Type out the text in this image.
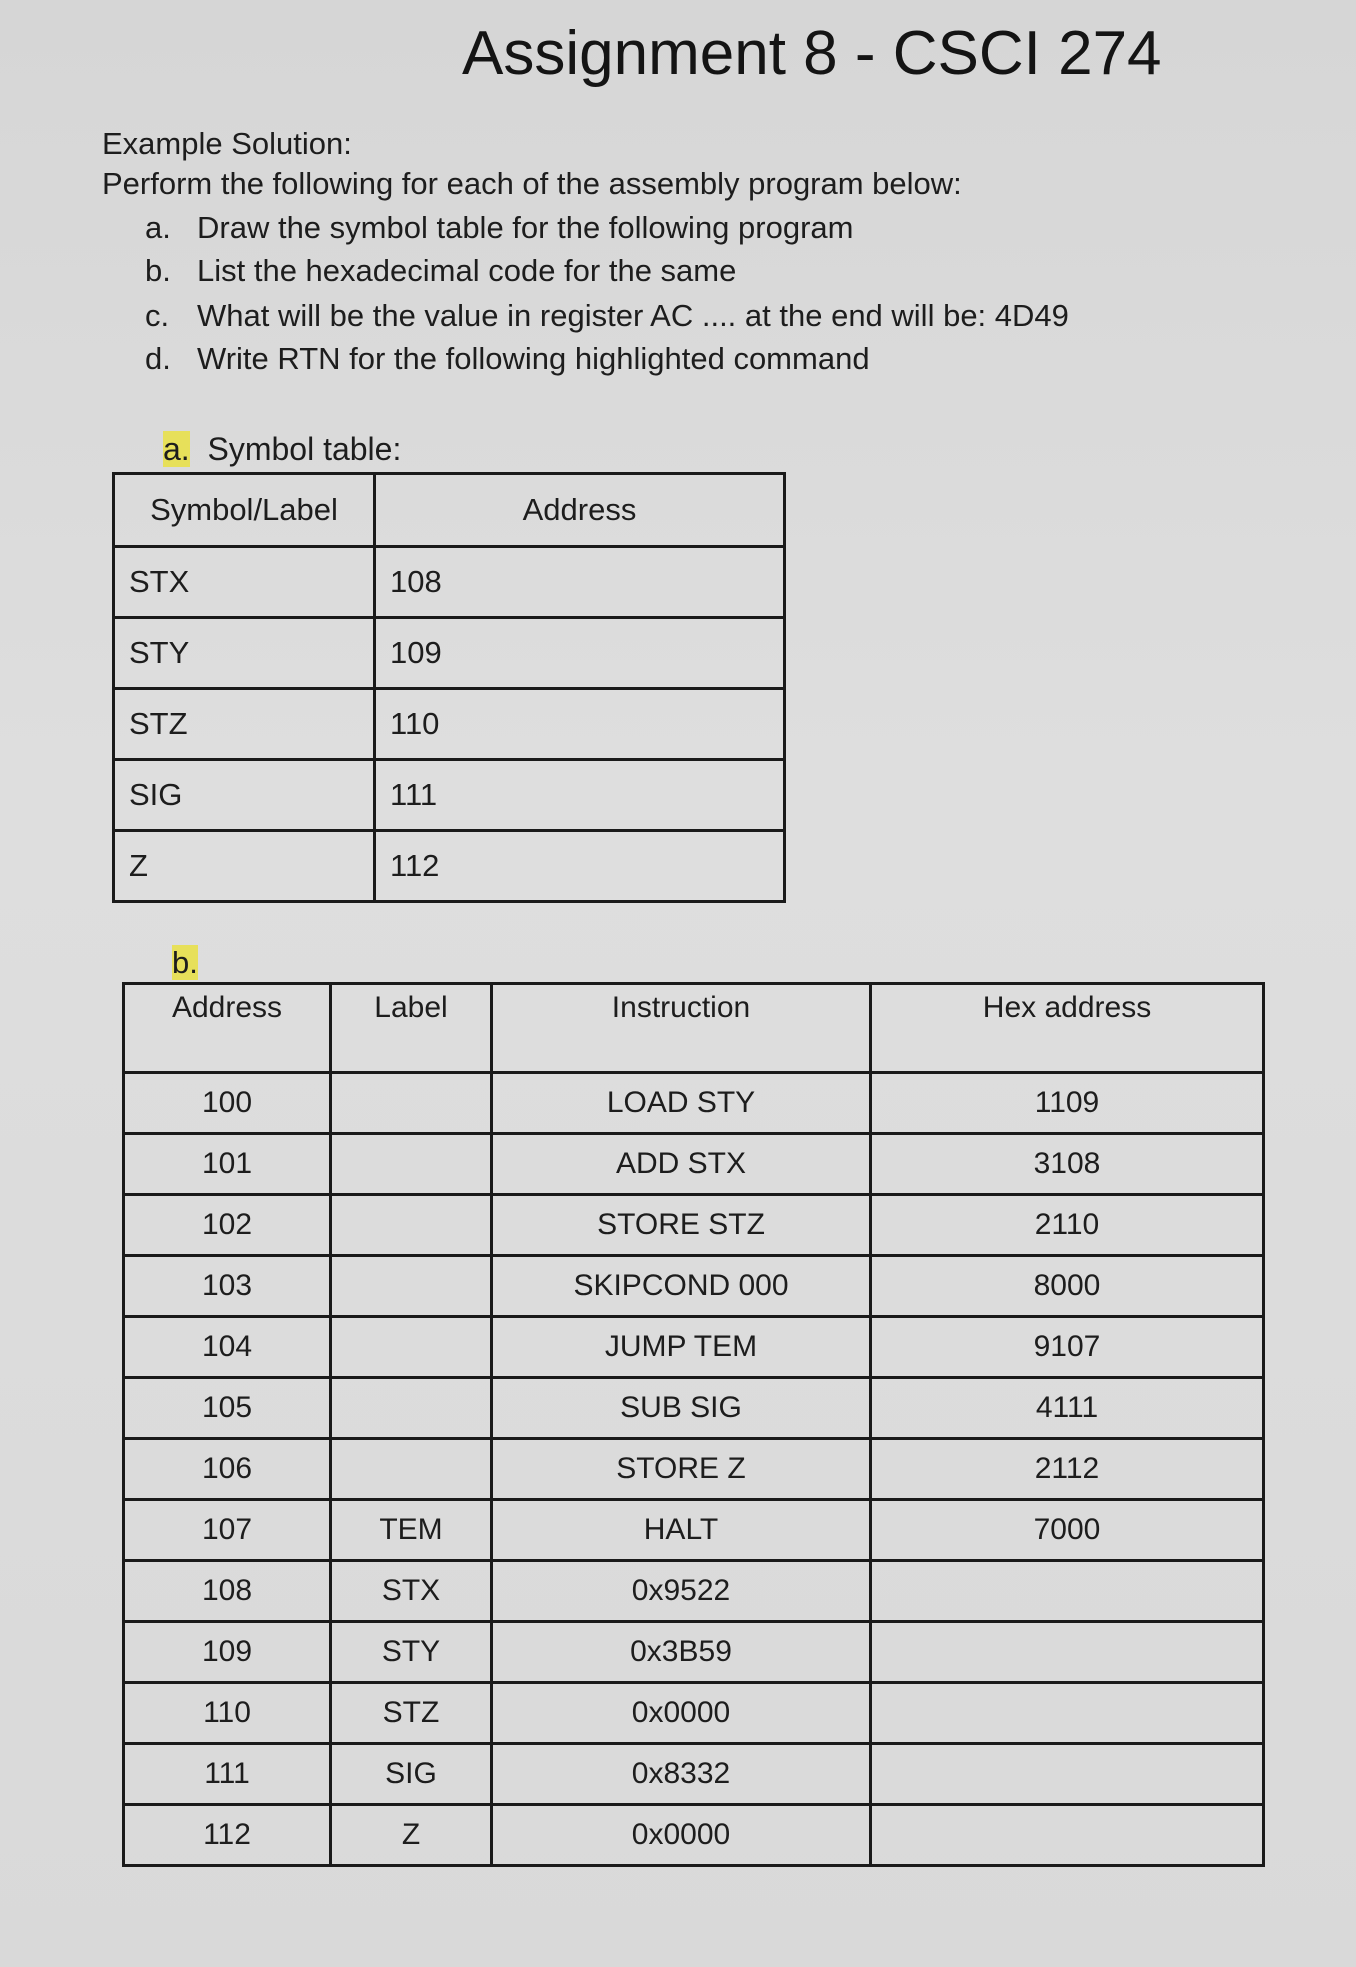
Assignment 8 - CSCI 274
Example Solution:
Perform the following for each of the assembly program below:
a. Draw the symbol table for the following program
b. List the hexadecimal code for the same
c. What will be the value in register AC .... at the end will be: 4D49
d. Write RTN for the following highlighted command
a. Symbol table:
Symbol/Label	Address
STX	108
STY	109
STZ	110
SIG	111
Z	112
b.
Address	Label	Instruction	Hex address
100		LOAD STY	1109
101		ADD STX	3108
102		STORE STZ	2110
103		SKIPCOND 000	8000
104		JUMP TEM	9107
105		SUB SIG	4111
106		STORE Z	2112
107	TEM	HALT	7000
108	STX	0x9522	
109	STY	0x3B59	
110	STZ	0x0000	
111	SIG	0x8332	
112	Z	0x0000	
